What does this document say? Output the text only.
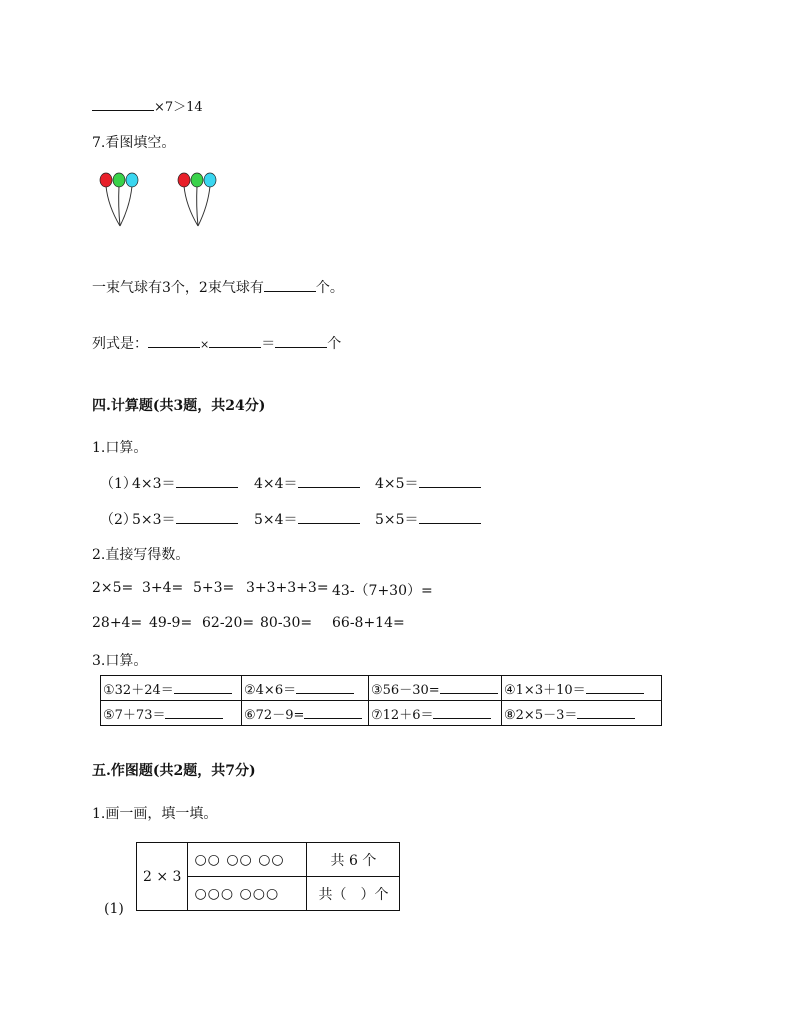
×7＞14
7.看图填空。
一束气球有3个，2束气球有	个。
列式是：	×	＝	个
四.计算题(共3题，共24分)
1.口算。
（1）
4×3＝	4×4＝	4×5＝
（2）
5×3＝	5×4＝	5×5＝
2.直接写得数。
2×5= 3+4= 5+3= 3+3+3+3= 43-（7+30）=
28+4= 49-9= 62-20= 80-30= 66-8+14=
3.口算。
①32＋24＝	②4×6＝	③56－30=	④1×3＋10＝
⑤7＋73＝	⑥72－9=	⑦12＋6＝	⑧2×5－3＝
五.作图题(共2题，共7分)
1.画一画，填一填。
(1)
2 × 3	○○ ○○ ○○	共 6 个
	○○○ ○○○	共（　）个
